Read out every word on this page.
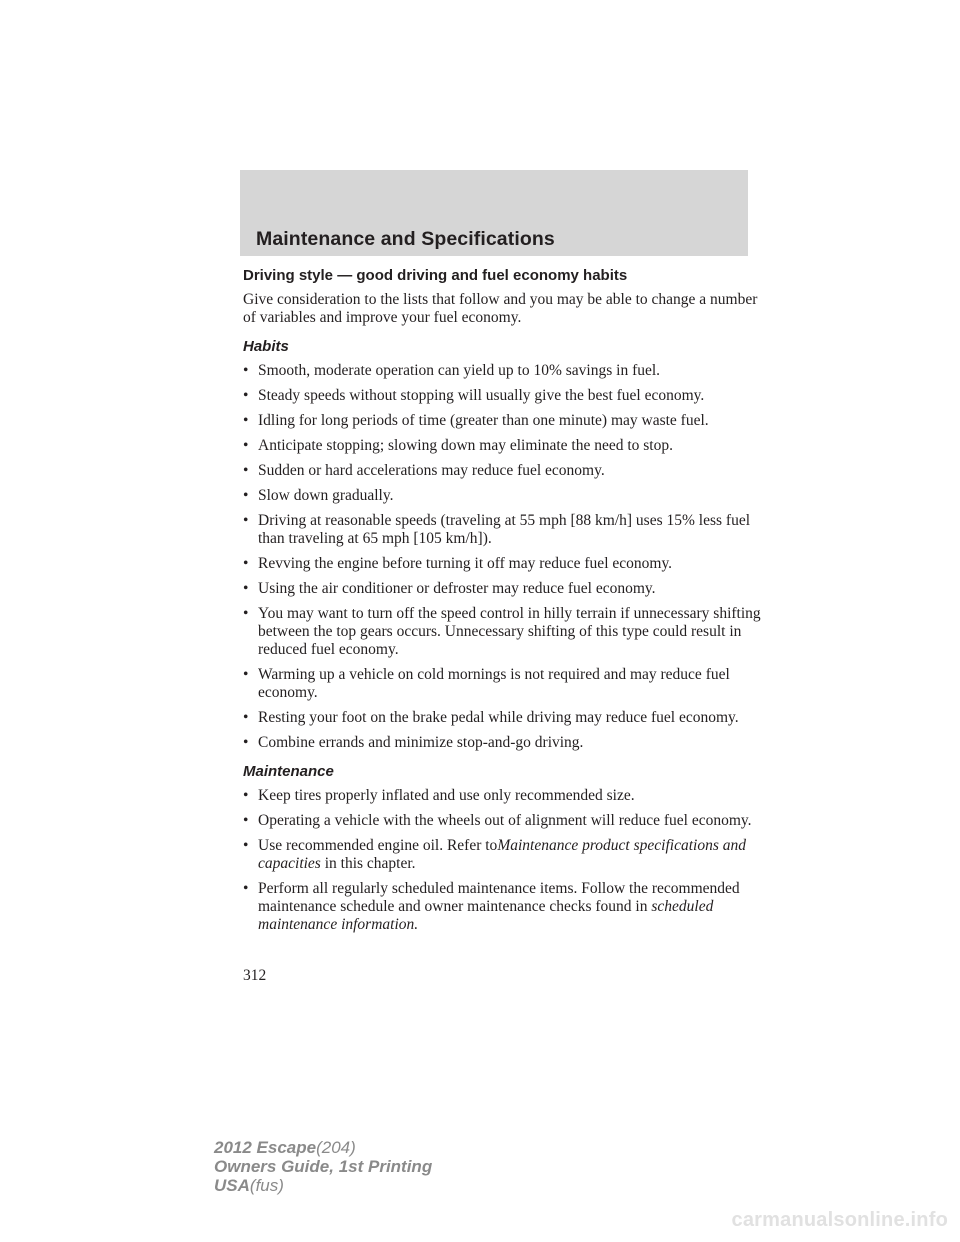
Maintenance and Specifications
Driving style — good driving and fuel economy habits

Give consideration to the lists that follow and you may be able to change a number of variables and improve your fuel economy.

Habits
• Smooth, moderate operation can yield up to 10% savings in fuel.
• Steady speeds without stopping will usually give the best fuel economy.
• Idling for long periods of time (greater than one minute) may waste fuel.
• Anticipate stopping; slowing down may eliminate the need to stop.
• Sudden or hard accelerations may reduce fuel economy.
• Slow down gradually.
• Driving at reasonable speeds (traveling at 55 mph [88 km/h] uses 15% less fuel than traveling at 65 mph [105 km/h]).
• Revving the engine before turning it off may reduce fuel economy.
• Using the air conditioner or defroster may reduce fuel economy.
• You may want to turn off the speed control in hilly terrain if unnecessary shifting between the top gears occurs. Unnecessary shifting of this type could result in reduced fuel economy.
• Warming up a vehicle on cold mornings is not required and may reduce fuel economy.
• Resting your foot on the brake pedal while driving may reduce fuel economy.
• Combine errands and minimize stop-and-go driving.
Maintenance
• Keep tires properly inflated and use only recommended size.
• Operating a vehicle with the wheels out of alignment will reduce fuel economy.
• Use recommended engine oil. Refer toMaintenance product specifications and capacities in this chapter.
• Perform all regularly scheduled maintenance items. Follow the recommended maintenance schedule and owner maintenance checks found in scheduled maintenance information.
312
2012 Escape(204)
Owners Guide, 1st Printing
USA(fus)
carmanualsonline.info
